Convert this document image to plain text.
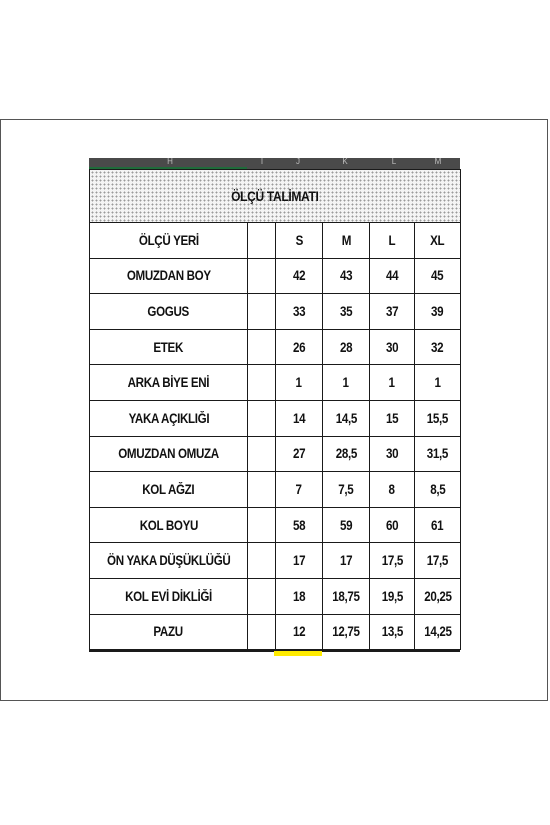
H	I	J	K	L	M
ÖLÇÜ TALİMATI					
ÖLÇÜ YERİ		S	M	L	XL
OMUZDAN BOY		42	43	44	45
GOGUS		33	35	37	39
ETEK		26	28	30	32
ARKA BİYE ENİ		1	1	1	1
YAKA AÇIKLIĞI		14	14,5	15	15,5
OMUZDAN OMUZA		27	28,5	30	31,5
KOL AĞZI		7	7,5	8	8,5
KOL BOYU		58	59	60	61
ÖN YAKA DÜŞÜKLÜĞÜ		17	17	17,5	17,5
KOL EVİ DİKLİĞİ		18	18,75	19,5	20,25
PAZU		12	12,75	13,5	14,25
